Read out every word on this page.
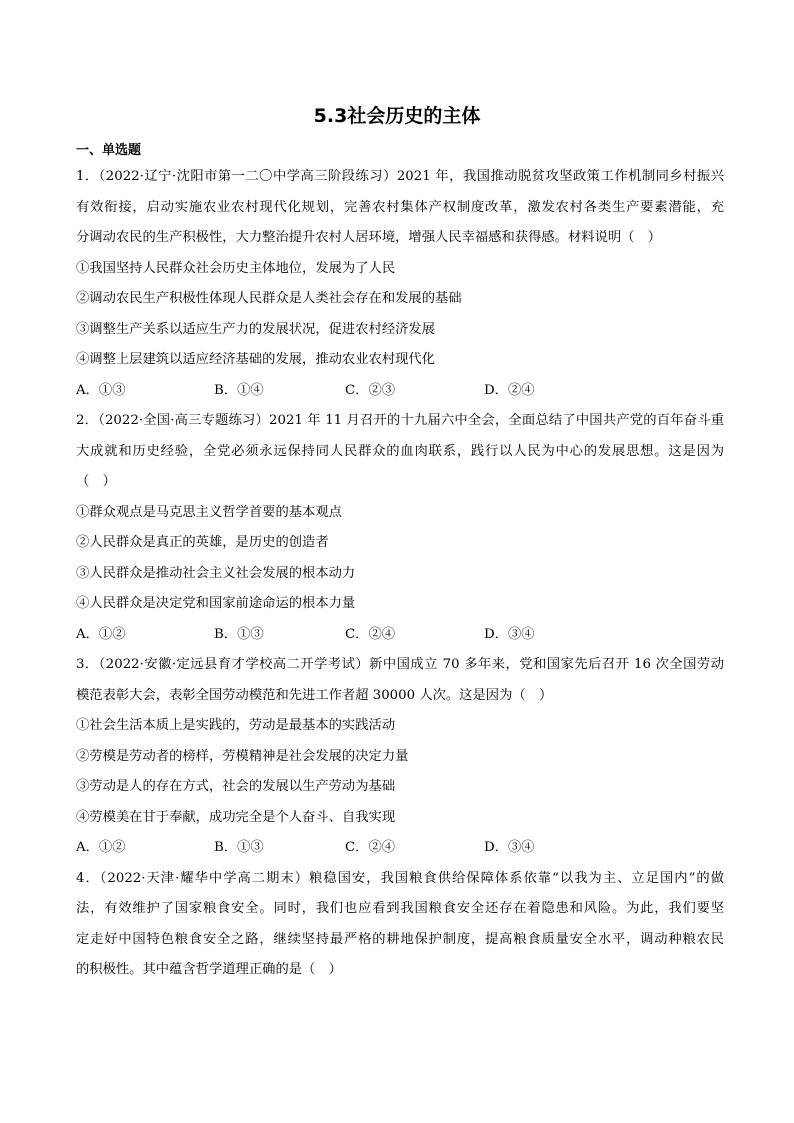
5.3社会历史的主体
一、单选题
1．（2022·辽宁·沈阳市第一二〇中学高三阶段练习）2021 年，我国推动脱贫攻坚政策工作机制同乡村振兴
有效衔接，启动实施农业农村现代化规划，完善农村集体产权制度改革，激发农村各类生产要素潜能，充
分调动农民的生产积极性，大力整治提升农村人居环境，增强人民幸福感和获得感。材料说明（　）
①我国坚持人民群众社会历史主体地位，发展为了人民
②调动农民生产积极性体现人民群众是人类社会存在和发展的基础
③调整生产关系以适应生产力的发展状况，促进农村经济发展
④调整上层建筑以适应经济基础的发展，推动农业农村现代化
A．①③	B．①④	C．②③	D．②④
2．（2022·全国·高三专题练习）2021 年 11 月召开的十九届六中全会，全面总结了中国共产党的百年奋斗重
大成就和历史经验，全党必须永远保持同人民群众的血肉联系，践行以人民为中心的发展思想。这是因为
（　）
①群众观点是马克思主义哲学首要的基本观点
②人民群众是真正的英雄，是历史的创造者
③人民群众是推动社会主义社会发展的根本动力
④人民群众是决定党和国家前途命运的根本力量
A．①②	B．①③	C．②④	D．③④
3．（2022·安徽·定远县育才学校高二开学考试）新中国成立 70 多年来，党和国家先后召开 16 次全国劳动
模范表彰大会，表彰全国劳动模范和先进工作者超 30000 人次。这是因为（　）
①社会生活本质上是实践的，劳动是最基本的实践活动
②劳模是劳动者的榜样，劳模精神是社会发展的决定力量
③劳动是人的存在方式，社会的发展以生产劳动为基础
④劳模美在甘于奉献，成功完全是个人奋斗、自我实现
A．①②	B．①③	C．②④	D．③④
4．（2022·天津·耀华中学高二期末）粮稳国安，我国粮食供给保障体系依靠“以我为主、立足国内”的做
法，有效维护了国家粮食安全。同时，我们也应看到我国粮食安全还存在着隐患和风险。为此，我们要坚
定走好中国特色粮食安全之路，继续坚持最严格的耕地保护制度，提高粮食质量安全水平，调动种粮农民
的积极性。其中蕴含哲学道理正确的是（　）
